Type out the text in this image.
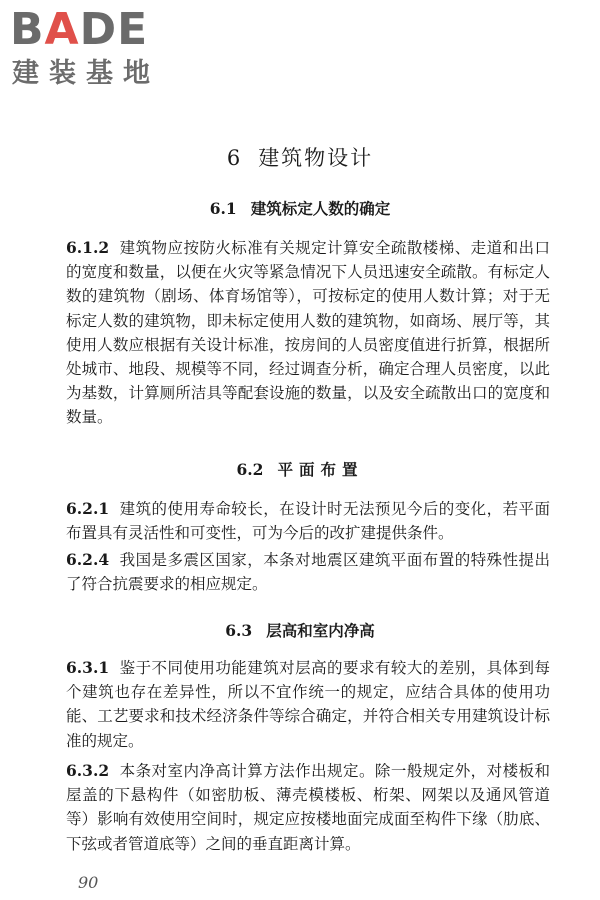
BADE
建装基地
6 建筑物设计
6.1 建筑标定人数的确定

6.1.2 建筑物应按防火标准有关规定计算安全疏散楼梯、走道和出口的宽度和数量，以便在火灾等紧急情况下人员迅速安全疏散。有标定人数的建筑物（剧场、体育场馆等），可按标定的使用人数计算；对于无标定人数的建筑物，即未标定使用人数的建筑物，如商场、展厅等，其使用人数应根据有关设计标准，按房间的人员密度值进行折算，根据所处城市、地段、规模等不同，经过调查分析，确定合理人员密度，以此为基数，计算厕所洁具等配套设施的数量，以及安全疏散出口的宽度和数量。

6.2 平面布置

6.2.1 建筑的使用寿命较长，在设计时无法预见今后的变化，若平面布置具有灵活性和可变性，可为今后的改扩建提供条件。

6.2.4 我国是多震区国家，本条对地震区建筑平面布置的特殊性提出了符合抗震要求的相应规定。

6.3 层高和室内净高

6.3.1 鉴于不同使用功能建筑对层高的要求有较大的差别，具体到每个建筑也存在差异性，所以不宜作统一的规定，应结合具体的使用功能、工艺要求和技术经济条件等综合确定，并符合相关专用建筑设计标准的规定。

6.3.2 本条对室内净高计算方法作出规定。除一般规定外，对楼板和屋盖的下悬构件（如密肋板、薄壳模楼板、桁架、网架以及通风管道等）影响有效使用空间时，规定应按楼地面完成面至构件下缘（肋底、下弦或者管道底等）之间的垂直距离计算。

90
